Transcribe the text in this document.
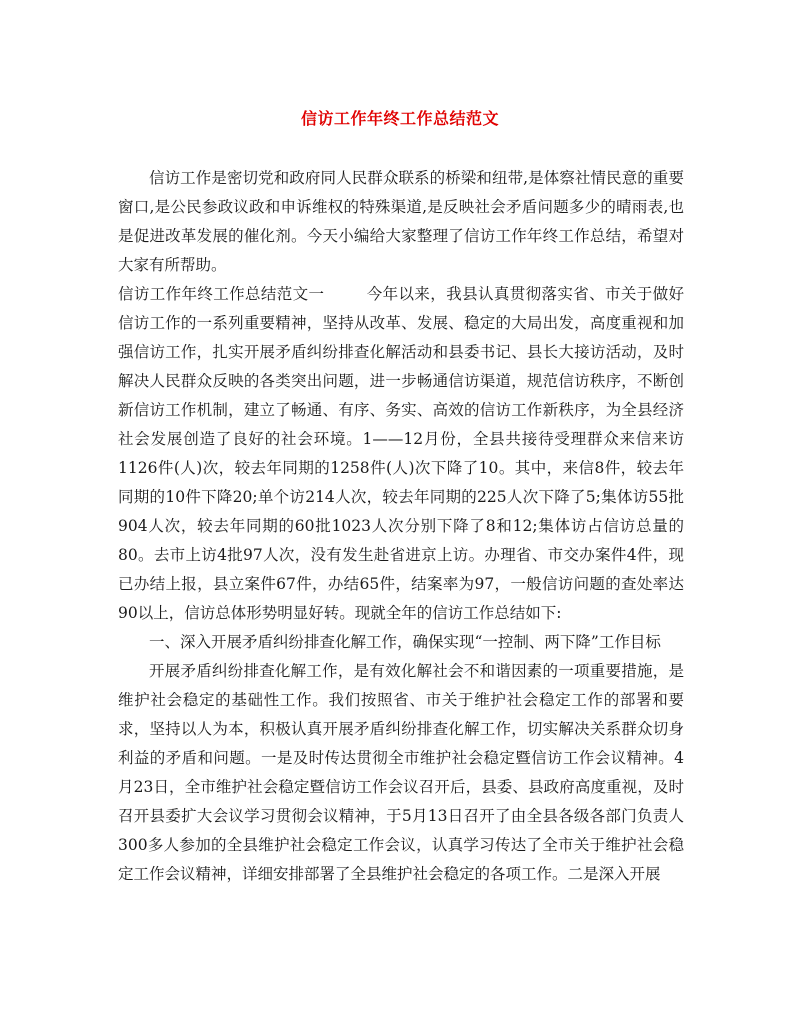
信访工作年终工作总结范文

信访工作是密切党和政府同人民群众联系的桥梁和纽带,是体察社情民意的重要窗口,是公民参政议政和申诉维权的特殊渠道,是反映社会矛盾问题多少的晴雨表,也是促进改革发展的催化剂。今天小编给大家整理了信访工作年终工作总结，希望对大家有所帮助。

信访工作年终工作总结范文一	今年以来，我县认真贯彻落实省、市关于做好信访工作的一系列重要精神，坚持从改革、发展、稳定的大局出发，高度重视和加强信访工作，扎实开展矛盾纠纷排查化解活动和县委书记、县长大接访活动，及时解决人民群众反映的各类突出问题，进一步畅通信访渠道，规范信访秩序，不断创新信访工作机制，建立了畅通、有序、务实、高效的信访工作新秩序，为全县经济社会发展创造了良好的社会环境。1——12月份，全县共接待受理群众来信来访1126件(人)次，较去年同期的1258件(人)次下降了10。其中，来信8件，较去年同期的10件下降20;单个访214人次，较去年同期的225人次下降了5;集体访55批904人次，较去年同期的60批1023人次分别下降了8和12;集体访占信访总量的80。去市上访4批97人次，没有发生赴省进京上访。办理省、市交办案件4件，现已办结上报，县立案件67件，办结65件，结案率为97，一般信访问题的查处率达90以上，信访总体形势明显好转。现就全年的信访工作总结如下:

一、深入开展矛盾纠纷排查化解工作，确保实现“一控制、两下降”工作目标

开展矛盾纠纷排查化解工作，是有效化解社会不和谐因素的一项重要措施，是维护社会稳定的基础性工作。我们按照省、市关于维护社会稳定工作的部署和要求，坚持以人为本，积极认真开展矛盾纠纷排查化解工作，切实解决关系群众切身利益的矛盾和问题。一是及时传达贯彻全市维护社会稳定暨信访工作会议精神。4月23日，全市维护社会稳定暨信访工作会议召开后，县委、县政府高度重视，及时召开县委扩大会议学习贯彻会议精神，于5月13日召开了由全县各级各部门负责人300多人参加的全县维护社会稳定工作会议，认真学习传达了全市关于维护社会稳定工作会议精神，详细安排部署了全县维护社会稳定的各项工作。二是深入开展
